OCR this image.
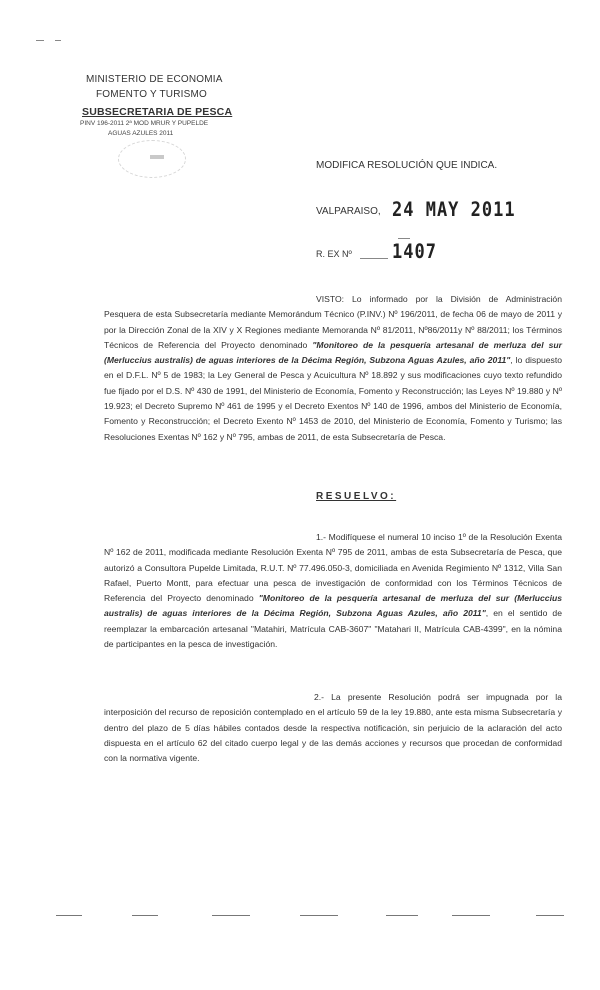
MINISTERIO DE ECONOMIA
FOMENTO Y TURISMO
SUBSECRETARIA DE PESCA
PINV 196-2011 2ª MOD MRUR Y PUPELDE
AGUAS AZULES 2011
MODIFICA RESOLUCIÓN QUE INDICA.
VALPARAISO, 24 MAY 2011
R. EX Nº 1407
VISTO: Lo informado por la División de Administración Pesquera de esta Subsecretaría mediante Memorándum Técnico (P.INV.) Nº 196/2011, de fecha 06 de mayo de 2011 y por la Dirección Zonal de la XIV y X Regiones mediante Memoranda Nº 81/2011, Nº86/2011y Nº 88/2011; los Términos Técnicos de Referencia del Proyecto denominado "Monitoreo de la pesquería artesanal de merluza del sur (Merluccius australis) de aguas interiores de la Décima Región, Subzona Aguas Azules, año 2011", lo dispuesto en el D.F.L. Nº 5 de 1983; la Ley General de Pesca y Acuicultura Nº 18.892 y sus modificaciones cuyo texto refundido fue fijado por el D.S. Nº 430 de 1991, del Ministerio de Economía, Fomento y Reconstrucción; las Leyes Nº 19.880 y Nº 19.923; el Decreto Supremo Nº 461 de 1995 y el Decreto Exentos Nº 140 de 1996, ambos del Ministerio de Economía, Fomento y Reconstrucción; el Decreto Exento Nº 1453 de 2010, del Ministerio de Economía, Fomento y Turismo; las Resoluciones Exentas Nº 162 y Nº 795, ambas de 2011, de esta Subsecretaría de Pesca.
RESUELVO:
1.- Modifíquese el numeral 10 inciso 1º de la Resolución Exenta Nº 162 de 2011, modificada mediante Resolución Exenta Nº 795 de 2011, ambas de esta Subsecretaría de Pesca, que autorizó a Consultora Pupelde Limitada, R.U.T. Nº 77.496.050-3, domiciliada en Avenida Regimiento Nº 1312, Villa San Rafael, Puerto Montt, para efectuar una pesca de investigación de conformidad con los Términos Técnicos de Referencia del Proyecto denominado "Monitoreo de la pesquería artesanal de merluza del sur (Merluccius australis) de aguas interiores de la Décima Región, Subzona Aguas Azules, año 2011", en el sentido de reemplazar la embarcación artesanal "Matahiri, Matrícula CAB-3607" "Matahari II, Matrícula CAB-4399", en la nómina de participantes en la pesca de investigación.
2.- La presente Resolución podrá ser impugnada por la interposición del recurso de reposición contemplado en el artículo 59 de la ley 19.880, ante esta misma Subsecretaría y dentro del plazo de 5 días hábiles contados desde la respectiva notificación, sin perjuicio de la aclaración del acto dispuesta en el artículo 62 del citado cuerpo legal y de las demás acciones y recursos que procedan de conformidad con la normativa vigente.
